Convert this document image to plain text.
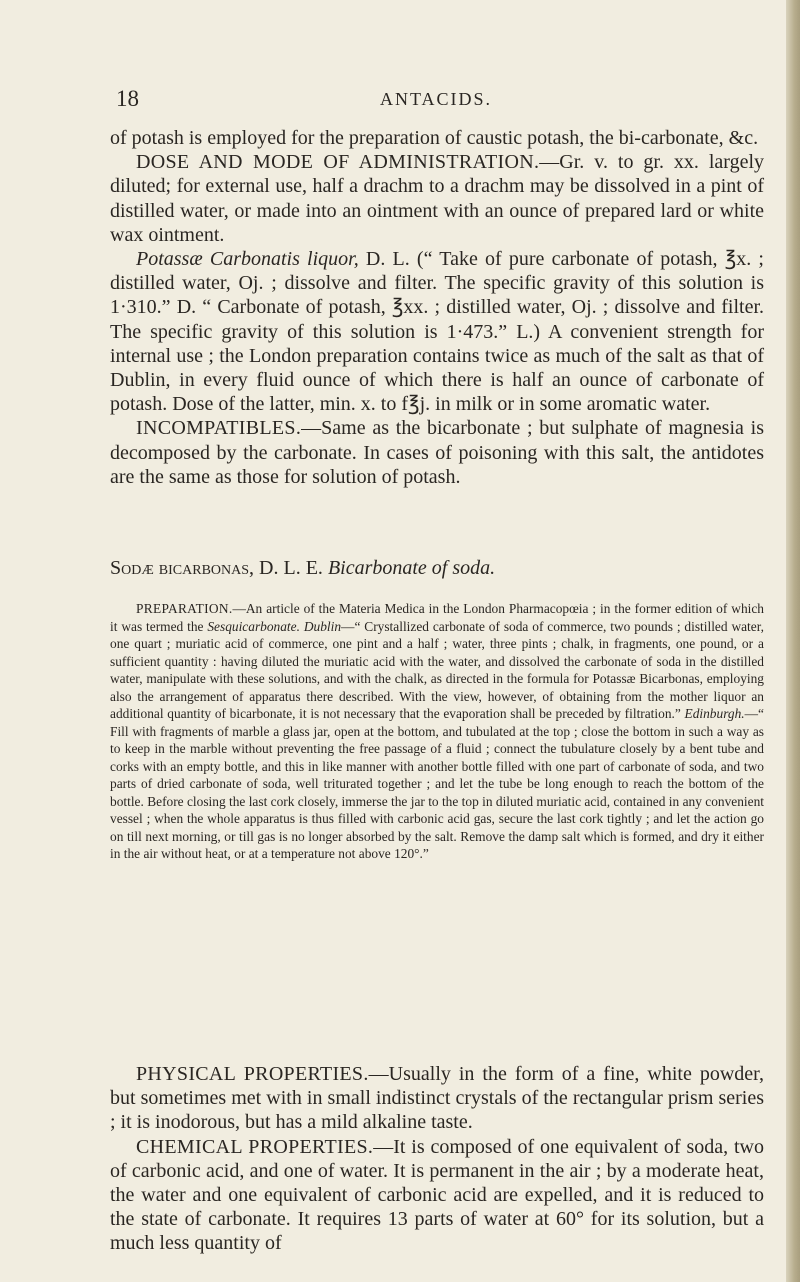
18	ANTACIDS.

of potash is employed for the preparation of caustic potash, the bi-carbonate, &c.

DOSE AND MODE OF ADMINISTRATION.—Gr. v. to gr. xx. largely diluted; for external use, half a drachm to a drachm may be dissolved in a pint of distilled water, or made into an ointment with an ounce of prepared lard or white wax ointment.

Potassæ Carbonatis liquor, D. L. (“ Take of pure carbonate of potash, ℥x. ; distilled water, Oj. ; dissolve and filter. The specific gravity of this solution is 1·310.” D. “ Carbonate of potash, ℥xx. ; distilled water, Oj. ; dissolve and filter. The specific gravity of this solution is 1·473.” L.) A convenient strength for internal use ; the London preparation contains twice as much of the salt as that of Dublin, in every fluid ounce of which there is half an ounce of carbonate of potash. Dose of the latter, min. x. to f℥j. in milk or in some aromatic water.

INCOMPATIBLES.—Same as the bicarbonate ; but sulphate of magnesia is decomposed by the carbonate. In cases of poisoning with this salt, the antidotes are the same as those for solution of potash.

Sodæ bicarbonas, D. L. E. Bicarbonate of soda.

PREPARATION.—An article of the Materia Medica in the London Pharmacopœia ; in the former edition of which it was termed the Sesquicarbonate. Dublin—“ Crystallized carbonate of soda of commerce, two pounds ; distilled water, one quart ; muriatic acid of commerce, one pint and a half ; water, three pints ; chalk, in fragments, one pound, or a sufficient quantity : having diluted the muriatic acid with the water, and dissolved the carbonate of soda in the distilled water, manipulate with these solutions, and with the chalk, as directed in the formula for Potassæ Bicarbonas, employing also the arrangement of apparatus there described. With the view, however, of obtaining from the mother liquor an additional quantity of bicarbonate, it is not necessary that the evaporation shall be preceded by filtration.” Edinburgh.—“ Fill with fragments of marble a glass jar, open at the bottom, and tubulated at the top ; close the bottom in such a way as to keep in the marble without preventing the free passage of a fluid ; connect the tubulature closely by a bent tube and corks with an empty bottle, and this in like manner with another bottle filled with one part of carbonate of soda, and two parts of dried carbonate of soda, well triturated together ; and let the tube be long enough to reach the bottom of the bottle. Before closing the last cork closely, immerse the jar to the top in diluted muriatic acid, contained in any convenient vessel ; when the whole apparatus is thus filled with carbonic acid gas, secure the last cork tightly ; and let the action go on till next morning, or till gas is no longer absorbed by the salt. Remove the damp salt which is formed, and dry it either in the air without heat, or at a temperature not above 120°.”

PHYSICAL PROPERTIES.—Usually in the form of a fine, white powder, but sometimes met with in small indistinct crystals of the rectangular prism series ; it is inodorous, but has a mild alkaline taste.

CHEMICAL PROPERTIES.—It is composed of one equivalent of soda, two of carbonic acid, and one of water. It is permanent in the air ; by a moderate heat, the water and one equivalent of carbonic acid are expelled, and it is reduced to the state of carbonate. It requires 13 parts of water at 60° for its solution, but a much less quantity of
